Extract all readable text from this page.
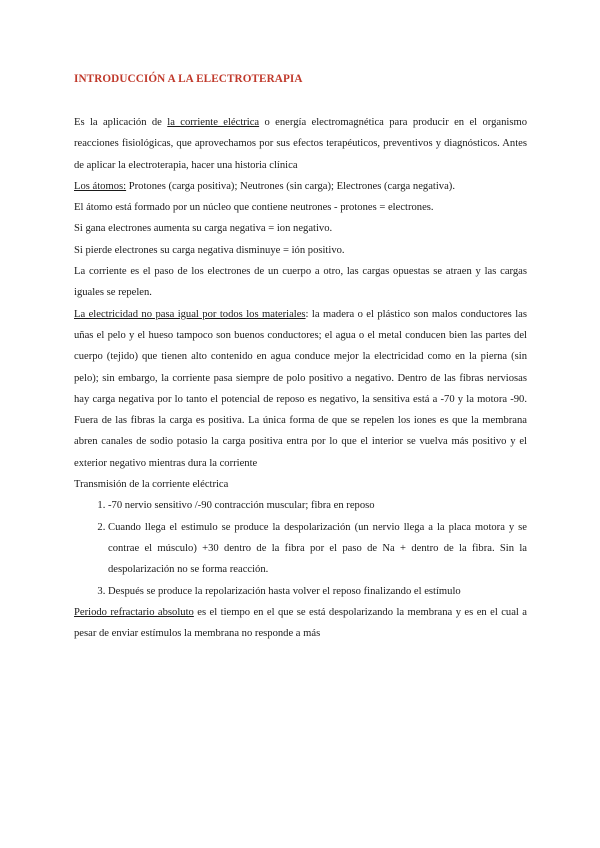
INTRODUCCIÓN A LA ELECTROTERAPIA

Es la aplicación de la corriente eléctrica o energía electromagnética para producir en el organismo reacciones fisiológicas, que aprovechamos por sus efectos terapéuticos, preventivos y diagnósticos. Antes de aplicar la electroterapia, hacer una historia clínica

Los átomos: Protones (carga positiva); Neutrones (sin carga); Electrones (carga negativa).

El átomo está formado por un núcleo que contiene neutrones - protones = electrones.

Si gana electrones aumenta su carga negativa = ion negativo.

Si pierde electrones su carga negativa disminuye = ión positivo.

La corriente es el paso de los electrones de un cuerpo a otro, las cargas opuestas se atraen y las cargas iguales se repelen.

La electricidad no pasa igual por todos los materiales: la madera o el plástico son malos conductores las uñas el pelo y el hueso tampoco son buenos conductores; el agua o el metal conducen bien las partes del cuerpo (tejido) que tienen alto contenido en agua conduce mejor la electricidad como en la pierna (sin pelo); sin embargo, la corriente pasa siempre de polo positivo a negativo. Dentro de las fibras nerviosas hay carga negativa por lo tanto el potencial de reposo es negativo, la sensitiva está a -70 y la motora -90. Fuera de las fibras la carga es positiva. La única forma de que se repelen los iones es que la membrana abren canales de sodio potasio la carga positiva entra por lo que el interior se vuelva más positivo y el exterior negativo mientras dura la corriente

Transmisión de la corriente eléctrica

1. -70 nervio sensitivo /-90 contracción muscular; fibra en reposo
2. Cuando llega el estimulo se produce la despolarización (un nervio llega a la placa motora y se contrae el músculo) +30 dentro de la fibra por el paso de Na + dentro de la fibra. Sin la despolarización no se forma reacción.
3. Después se produce la repolarización hasta volver el reposo finalizando el estímulo

Periodo refractario absoluto es el tiempo en el que se está despolarizando la membrana y es en el cual a pesar de enviar estímulos la membrana no responde a más
